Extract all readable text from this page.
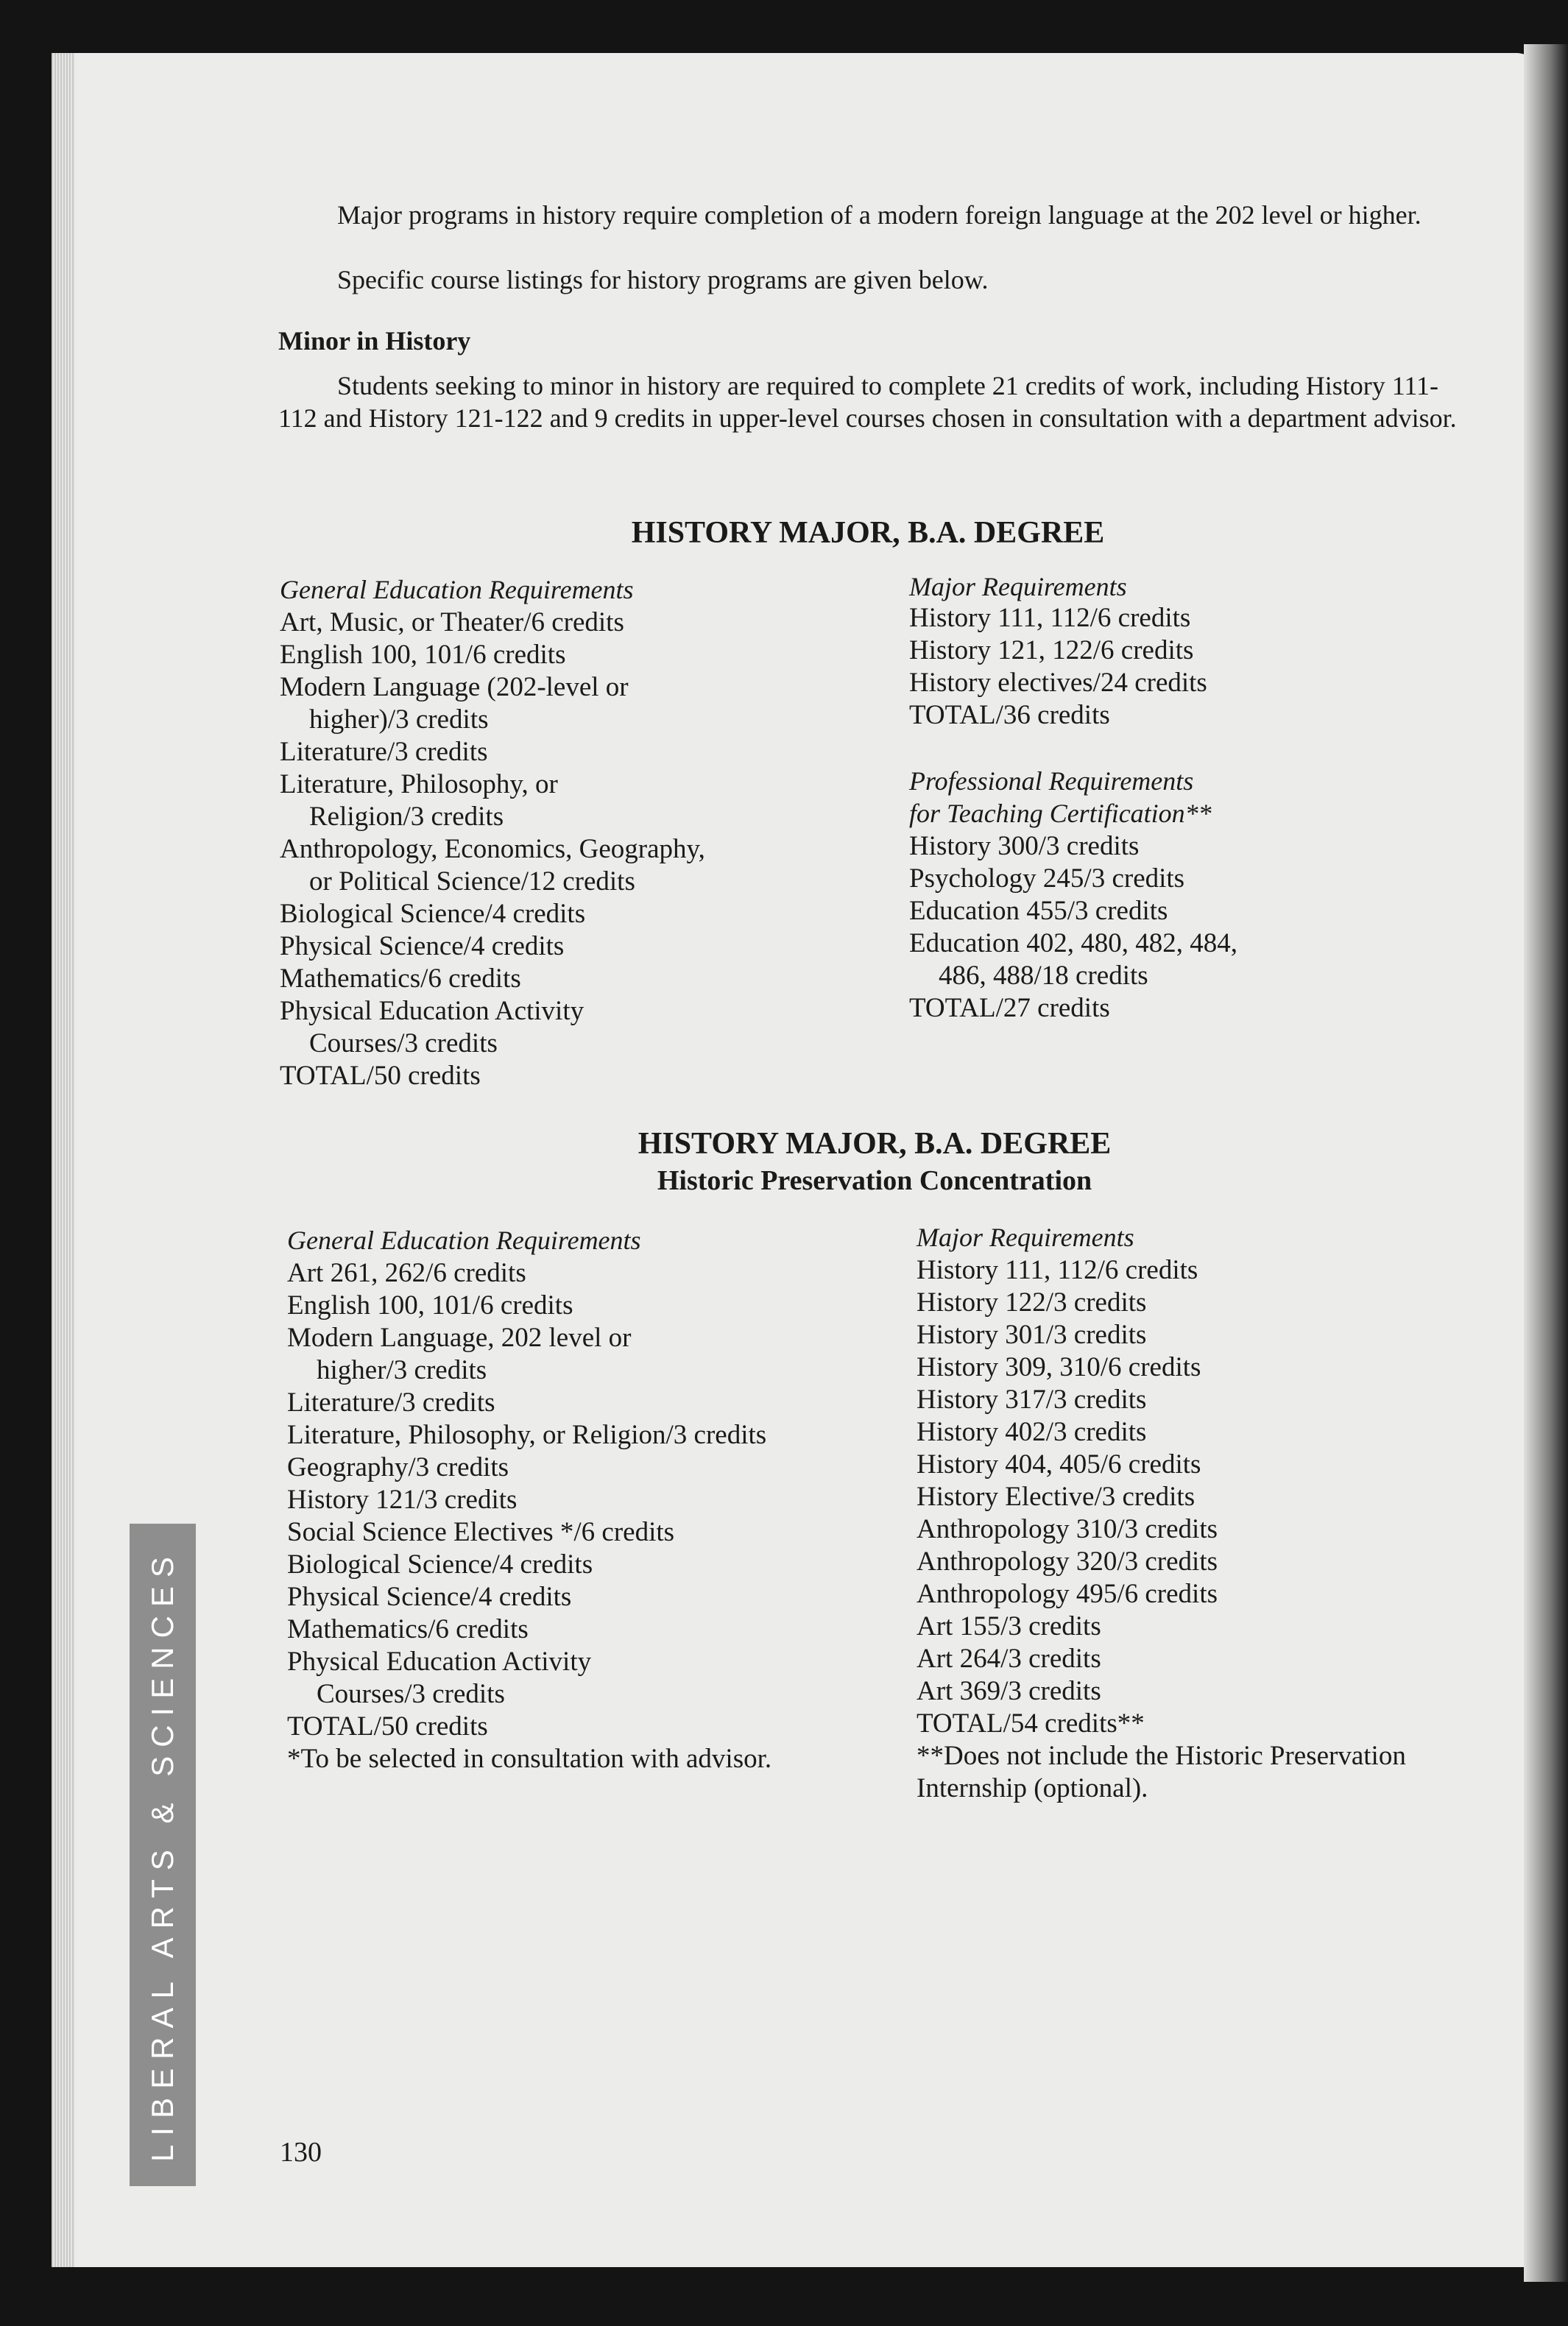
LIBERAL ARTS & SCIENCES
Major programs in history require completion of a modern foreign language at the 202 level or higher.
Specific course listings for history programs are given below.
Minor in History
Students seeking to minor in history are required to complete 21 credits of work, including History 111-112 and History 121-122 and 9 credits in upper-level courses chosen in consultation with a department advisor.
HISTORY MAJOR, B.A. DEGREE
General Education Requirements
Art, Music, or Theater/6 credits
English 100, 101/6 credits
Modern Language (202-level or
higher)/3 credits
Literature/3 credits
Literature, Philosophy, or
Religion/3 credits
Anthropology, Economics, Geography,
or Political Science/12 credits
Biological Science/4 credits
Physical Science/4 credits
Mathematics/6 credits
Physical Education Activity
Courses/3 credits
TOTAL/50 credits
Major Requirements
History 111, 112/6 credits
History 121, 122/6 credits
History electives/24 credits
TOTAL/36 credits
Professional Requirements
for Teaching Certification**
History 300/3 credits
Psychology 245/3 credits
Education 455/3 credits
Education 402, 480, 482, 484,
486, 488/18 credits
TOTAL/27 credits
HISTORY MAJOR, B.A. DEGREE
Historic Preservation Concentration
General Education Requirements
Art 261, 262/6 credits
English 100, 101/6 credits
Modern Language, 202 level or
higher/3 credits
Literature/3 credits
Literature, Philosophy, or Religion/3 credits
Geography/3 credits
History 121/3 credits
Social Science Electives */6 credits
Biological Science/4 credits
Physical Science/4 credits
Mathematics/6 credits
Physical Education Activity
Courses/3 credits
TOTAL/50 credits
*To be selected in consultation with advisor.
Major Requirements
History 111, 112/6 credits
History 122/3 credits
History 301/3 credits
History 309, 310/6 credits
History 317/3 credits
History 402/3 credits
History 404, 405/6 credits
History Elective/3 credits
Anthropology 310/3 credits
Anthropology 320/3 credits
Anthropology 495/6 credits
Art 155/3 credits
Art 264/3 credits
Art 369/3 credits
TOTAL/54 credits**
**Does not include the Historic Preservation
Internship (optional).
130
